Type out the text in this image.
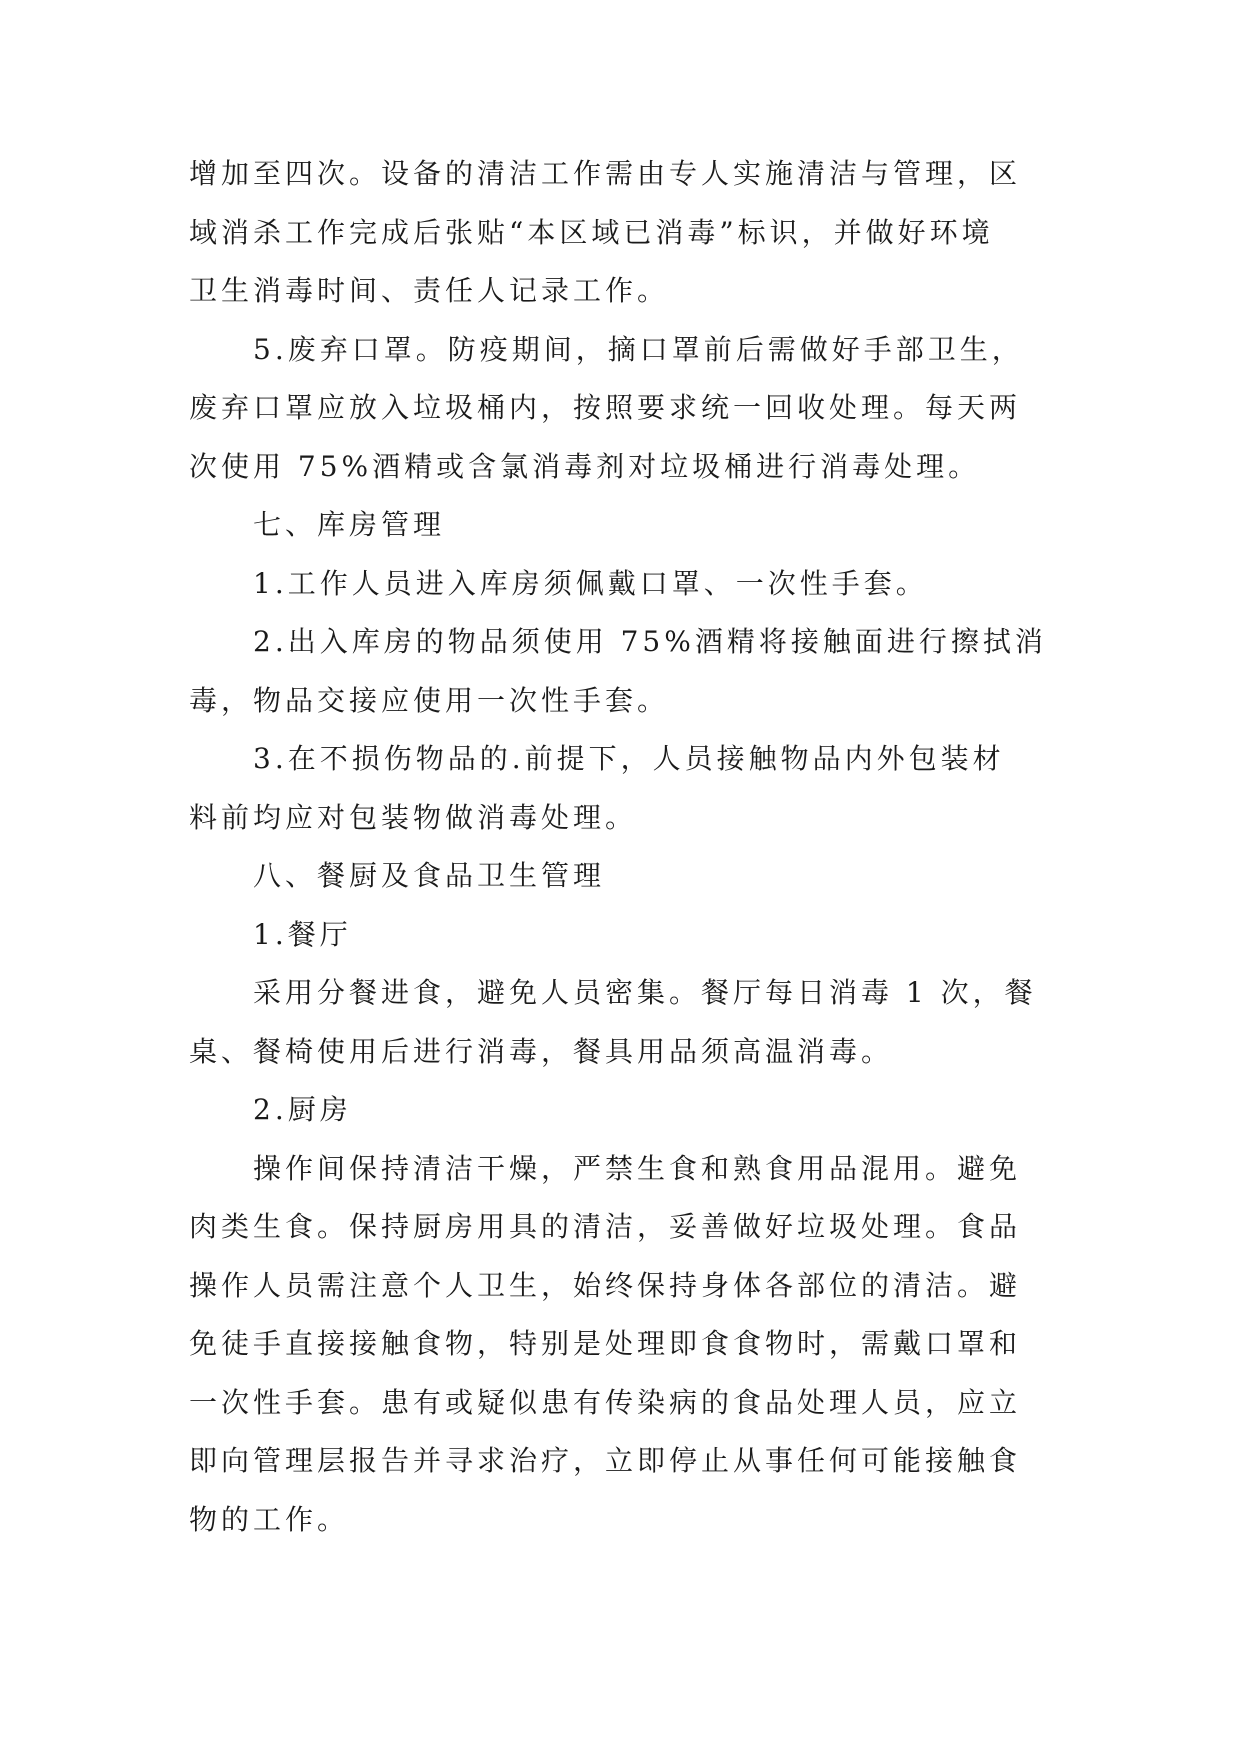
增加至四次。设备的清洁工作需由专人实施清洁与管理，区
域消杀工作完成后张贴“本区域已消毒”标识，并做好环境
卫生消毒时间、责任人记录工作。
5.废弃口罩。防疫期间，摘口罩前后需做好手部卫生，
废弃口罩应放入垃圾桶内，按照要求统一回收处理。每天两
次使用 75%酒精或含氯消毒剂对垃圾桶进行消毒处理。
七、库房管理
1.工作人员进入库房须佩戴口罩、一次性手套。
2.出入库房的物品须使用 75%酒精将接触面进行擦拭消
毒，物品交接应使用一次性手套。
3.在不损伤物品的.前提下，人员接触物品内外包装材
料前均应对包装物做消毒处理。
八、餐厨及食品卫生管理
1.餐厅
采用分餐进食，避免人员密集。餐厅每日消毒 1 次，餐
桌、餐椅使用后进行消毒，餐具用品须高温消毒。
2.厨房
操作间保持清洁干燥，严禁生食和熟食用品混用。避免
肉类生食。保持厨房用具的清洁，妥善做好垃圾处理。食品
操作人员需注意个人卫生，始终保持身体各部位的清洁。避
免徒手直接接触食物，特别是处理即食食物时，需戴口罩和
一次性手套。患有或疑似患有传染病的食品处理人员，应立
即向管理层报告并寻求治疗，立即停止从事任何可能接触食
物的工作。
